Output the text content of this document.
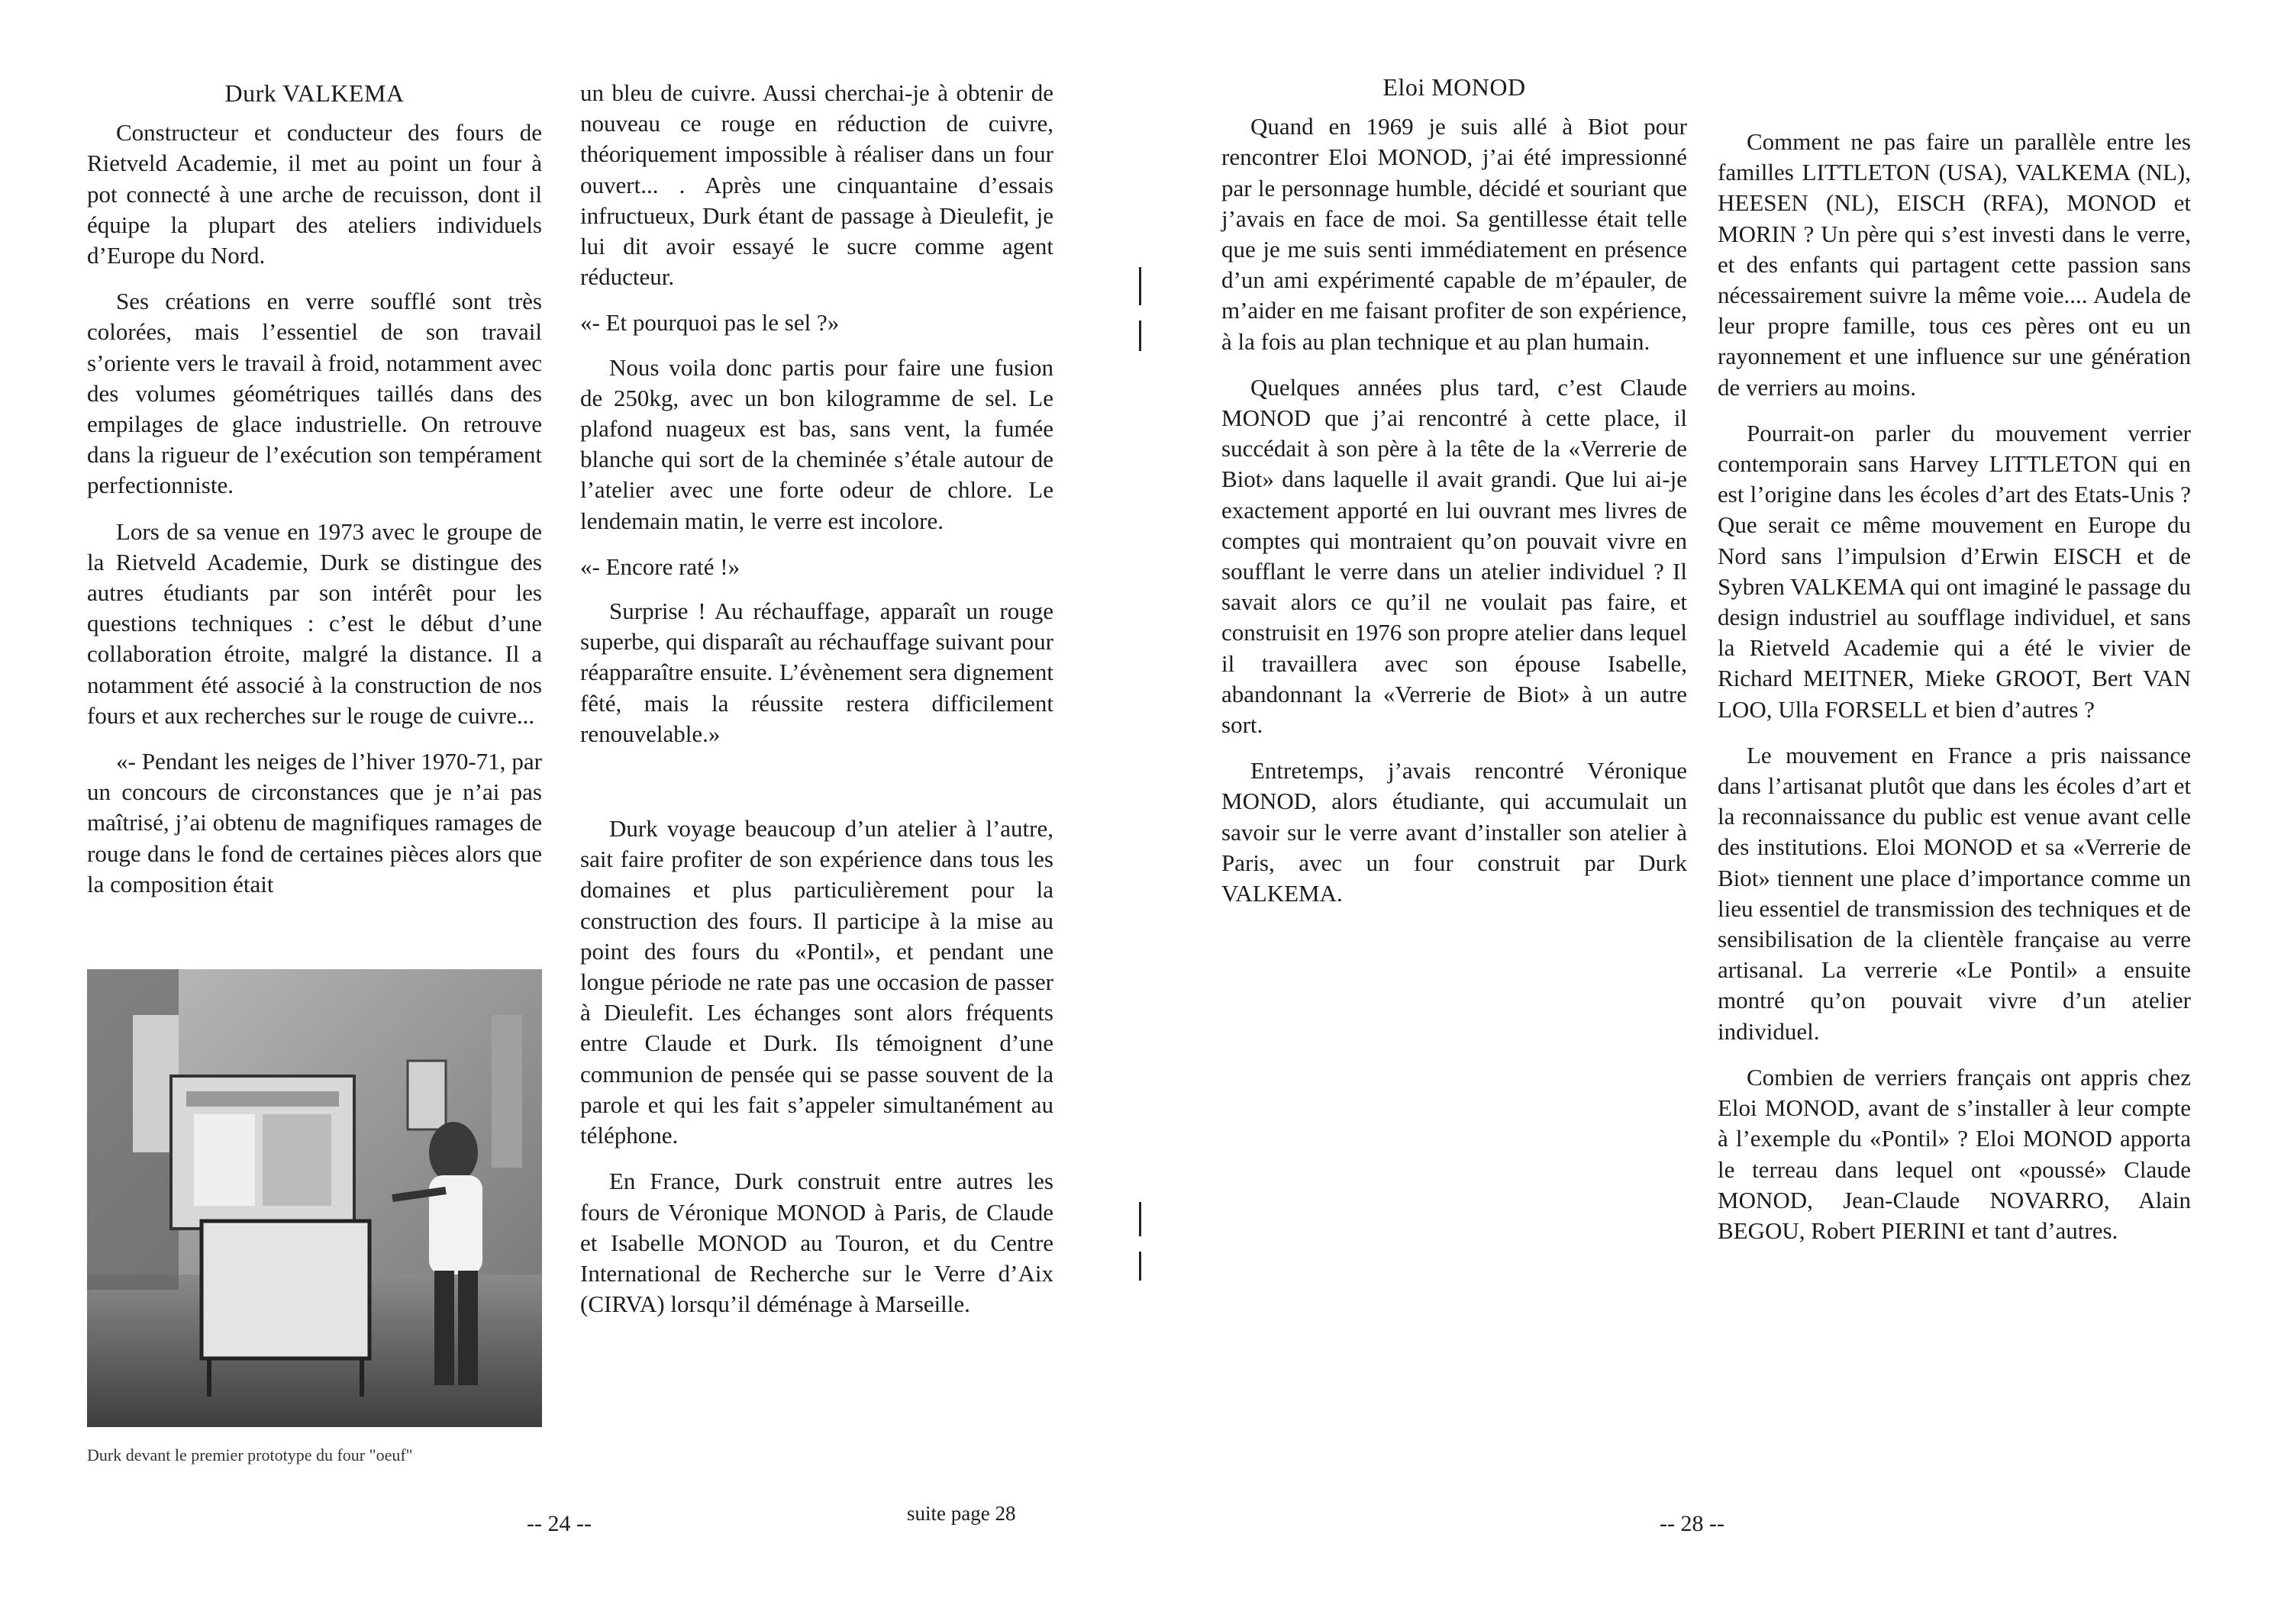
Durk VALKEMA

Constructeur et conducteur des fours de Rietveld Academie, il met au point un four à pot connecté à une arche de recuisson, dont il équipe la plupart des ateliers individuels d’Europe du Nord.

Ses créations en verre soufflé sont très colorées, mais l’essentiel de son travail s’oriente vers le travail à froid, notamment avec des volumes géométriques taillés dans des empilages de glace industrielle. On retrouve dans la rigueur de l’exécution son tempérament perfectionniste.

Lors de sa venue en 1973 avec le groupe de la Rietveld Academie, Durk se distingue des autres étudiants par son intérêt pour les questions techniques : c’est le début d’une collaboration étroite, malgré la distance. Il a notamment été associé à la construction de nos fours et aux recherches sur le rouge de cuivre...

«- Pendant les neiges de l’hiver 1970-71, par un concours de circonstances que je n’ai pas maîtrisé, j’ai obtenu de magnifiques ramages de rouge dans le fond de certaines pièces alors que la composition était

Durk devant le premier prototype du four "oeuf"

un bleu de cuivre. Aussi cherchai-je à obtenir de nouveau ce rouge en réduction de cuivre, théoriquement impossible à réaliser dans un four ouvert... . Après une cinquantaine d’essais infructueux, Durk étant de passage à Dieulefit, je lui dit avoir essayé le sucre comme agent réducteur.

«- Et pourquoi pas le sel ?»

Nous voila donc partis pour faire une fusion de 250kg, avec un bon kilogramme de sel. Le plafond nuageux est bas, sans vent, la fumée blanche qui sort de la cheminée s’étale autour de l’atelier avec une forte odeur de chlore. Le lendemain matin, le verre est incolore.

«- Encore raté !»

Surprise ! Au réchauffage, apparaît un rouge superbe, qui disparaît au réchauffage suivant pour réapparaître ensuite. L’évènement sera dignement fêté, mais la réussite restera difficilement renouvelable.»

Durk voyage beaucoup d’un atelier à l’autre, sait faire profiter de son expérience dans tous les domaines et plus particulièrement pour la construction des fours. Il participe à la mise au point des fours du «Pontil», et pendant une longue période ne rate pas une occasion de passer à Dieulefit. Les échanges sont alors fréquents entre Claude et Durk. Ils témoignent d’une communion de pensée qui se passe souvent de la parole et qui les fait s’appeler simultanément au téléphone.

En France, Durk construit entre autres les fours de Véronique MONOD à Paris, de Claude et Isabelle MONOD au Touron, et du Centre International de Recherche sur le Verre d’Aix (CIRVA) lorsqu’il déménage à Marseille.

-- 24 --	suite page 28
Eloi MONOD

Quand en 1969 je suis allé à Biot pour rencontrer Eloi MONOD, j’ai été impressionné par le personnage humble, décidé et souriant que j’avais en face de moi. Sa gentillesse était telle que je me suis senti immédiatement en présence d’un ami expérimenté capable de m’épauler, de m’aider en me faisant profiter de son expérience, à la fois au plan technique et au plan humain.

Quelques années plus tard, c’est Claude MONOD que j’ai rencontré à cette place, il succédait à son père à la tête de la «Verrerie de Biot» dans laquelle il avait grandi. Que lui ai-je exactement apporté en lui ouvrant mes livres de comptes qui montraient qu’on pouvait vivre en soufflant le verre dans un atelier individuel ? Il savait alors ce qu’il ne voulait pas faire, et construisit en 1976 son propre atelier dans lequel il travaillera avec son épouse Isabelle, abandonnant la «Verrerie de Biot» à un autre sort.

Entretemps, j’avais rencontré Véronique MONOD, alors étudiante, qui accumulait un savoir sur le verre avant d’installer son atelier à Paris, avec un four construit par Durk VALKEMA.

Comment ne pas faire un parallèle entre les familles LITTLETON (USA), VALKEMA (NL), HEESEN (NL), EISCH (RFA), MONOD et MORIN ? Un père qui s’est investi dans le verre, et des enfants qui partagent cette passion sans nécessairement suivre la même voie.... Audela de leur propre famille, tous ces pères ont eu un rayonnement et une influence sur une génération de verriers au moins.

Pourrait-on parler du mouvement verrier contemporain sans Harvey LITTLETON qui en est l’origine dans les écoles d’art des Etats-Unis ? Que serait ce même mouvement en Europe du Nord sans l’impulsion d’Erwin EISCH et de Sybren VALKEMA qui ont imaginé le passage du design industriel au soufflage individuel, et sans la Rietveld Academie qui a été le vivier de Richard MEITNER, Mieke GROOT, Bert VAN LOO, Ulla FORSELL et bien d’autres ?

Le mouvement en France a pris naissance dans l’artisanat plutôt que dans les écoles d’art et la reconnaissance du public est venue avant celle des institutions. Eloi MONOD et sa «Verrerie de Biot» tiennent une place d’importance comme un lieu essentiel de transmission des techniques et de sensibilisation de la clientèle française au verre artisanal. La verrerie «Le Pontil» a ensuite montré qu’on pouvait vivre d’un atelier individuel.

Combien de verriers français ont appris chez Eloi MONOD, avant de s’installer à leur compte à l’exemple du «Pontil» ? Eloi MONOD apporta le terreau dans lequel ont «poussé» Claude MONOD, Jean-Claude NOVARRO, Alain BEGOU, Robert PIERINI et tant d’autres.

-- 28 --
